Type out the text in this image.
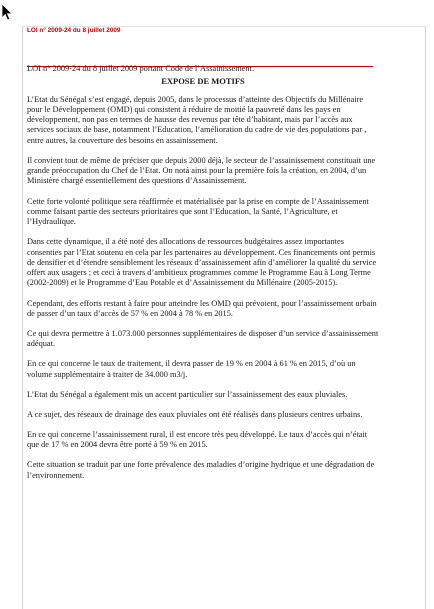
LOI n° 2009-24 du 8 juillet 2009

LOI n° 2009-24 du 8 juillet 2009 portant Code de l’Assainissement.

EXPOSE DE MOTIFS

L’Etat du Sénégal s’est engagé, depuis 2005, dans le processus d’atteinte des Objectifs du Millénaire pour le Développement (OMD) qui consistent à réduire de moitié la pauvreté dans les pays en développement, non pas en termes de hausse des revenus par tête d’habitant, mais par l’accès aux services sociaux de base, notamment l’Education, l’amélioration du cadre de vie des populations par , entre autres, la couverture des besoins en assainissement.

Il convient tout de même de préciser que depuis 2000 déjà, le secteur de l’assainissement constituait une grande préoccupation du Chef de l’Etat. On notá ainsi pour la première fois la création, en 2004, d’un Ministère chargé essentiellement des questions d’Assainissement.

Cette forte volonté politique sera réaffirmée et matérialisée par la prise en compte de l’Assainissement comme faisant partie des secteurs prioritaires que sont l’Education, la Santé, l’Agriculture, et l’Hydraulique.

Dans cette dynamique, il a été noté des allocations de ressources budgétaires assez importantes consenties par l’Etat soutenu en cela par les partenaires au développement. Ces financements ont permis de densifier et d’étendre sensiblement les réseaux d’assainissement afin d’améliorer la qualité du service offert aux usagers ; et ceci à travers d’ambitieux programmes comme le Programme Eau à Long Terme (2002-2009) et le Programme d’Eau Potable et d’Assainissement du Millénaire (2005-2015).

Cependant, des efforts restant à faire pour atteindre les OMD qui prévoient, pour l’assainissement urbain de passer d’un taux d’accès de 57 % en 2004 à 78 % en 2015.

Ce qui devra permettre à 1.073.000 personnes supplémentaires de disposer d’un service d’assainissement adéquat.

En ce qui concerne le taux de traitement, il devra passer de 19 % en 2004 à 61 % en 2015, d’où un volume supplémentaire à traiter de 34.000 m3/j.

L’Etat du Sénégal a également mis un accent particulier sur l’assainissement des eaux pluviales.

A ce sujet, des réseaux de drainage des eaux pluviales ont été réalisés dans plusieurs centres urbains.

En ce qui concerne l’assainissement rural, il est encore très peu développé. Le taux d’accès qui n’était que de 17 % en 2004 devra être porté à 59 % en 2015.

Cette situation se traduit par une forte prévalence des maladies d’origine hydrique et une dégradation de l’environnement.
